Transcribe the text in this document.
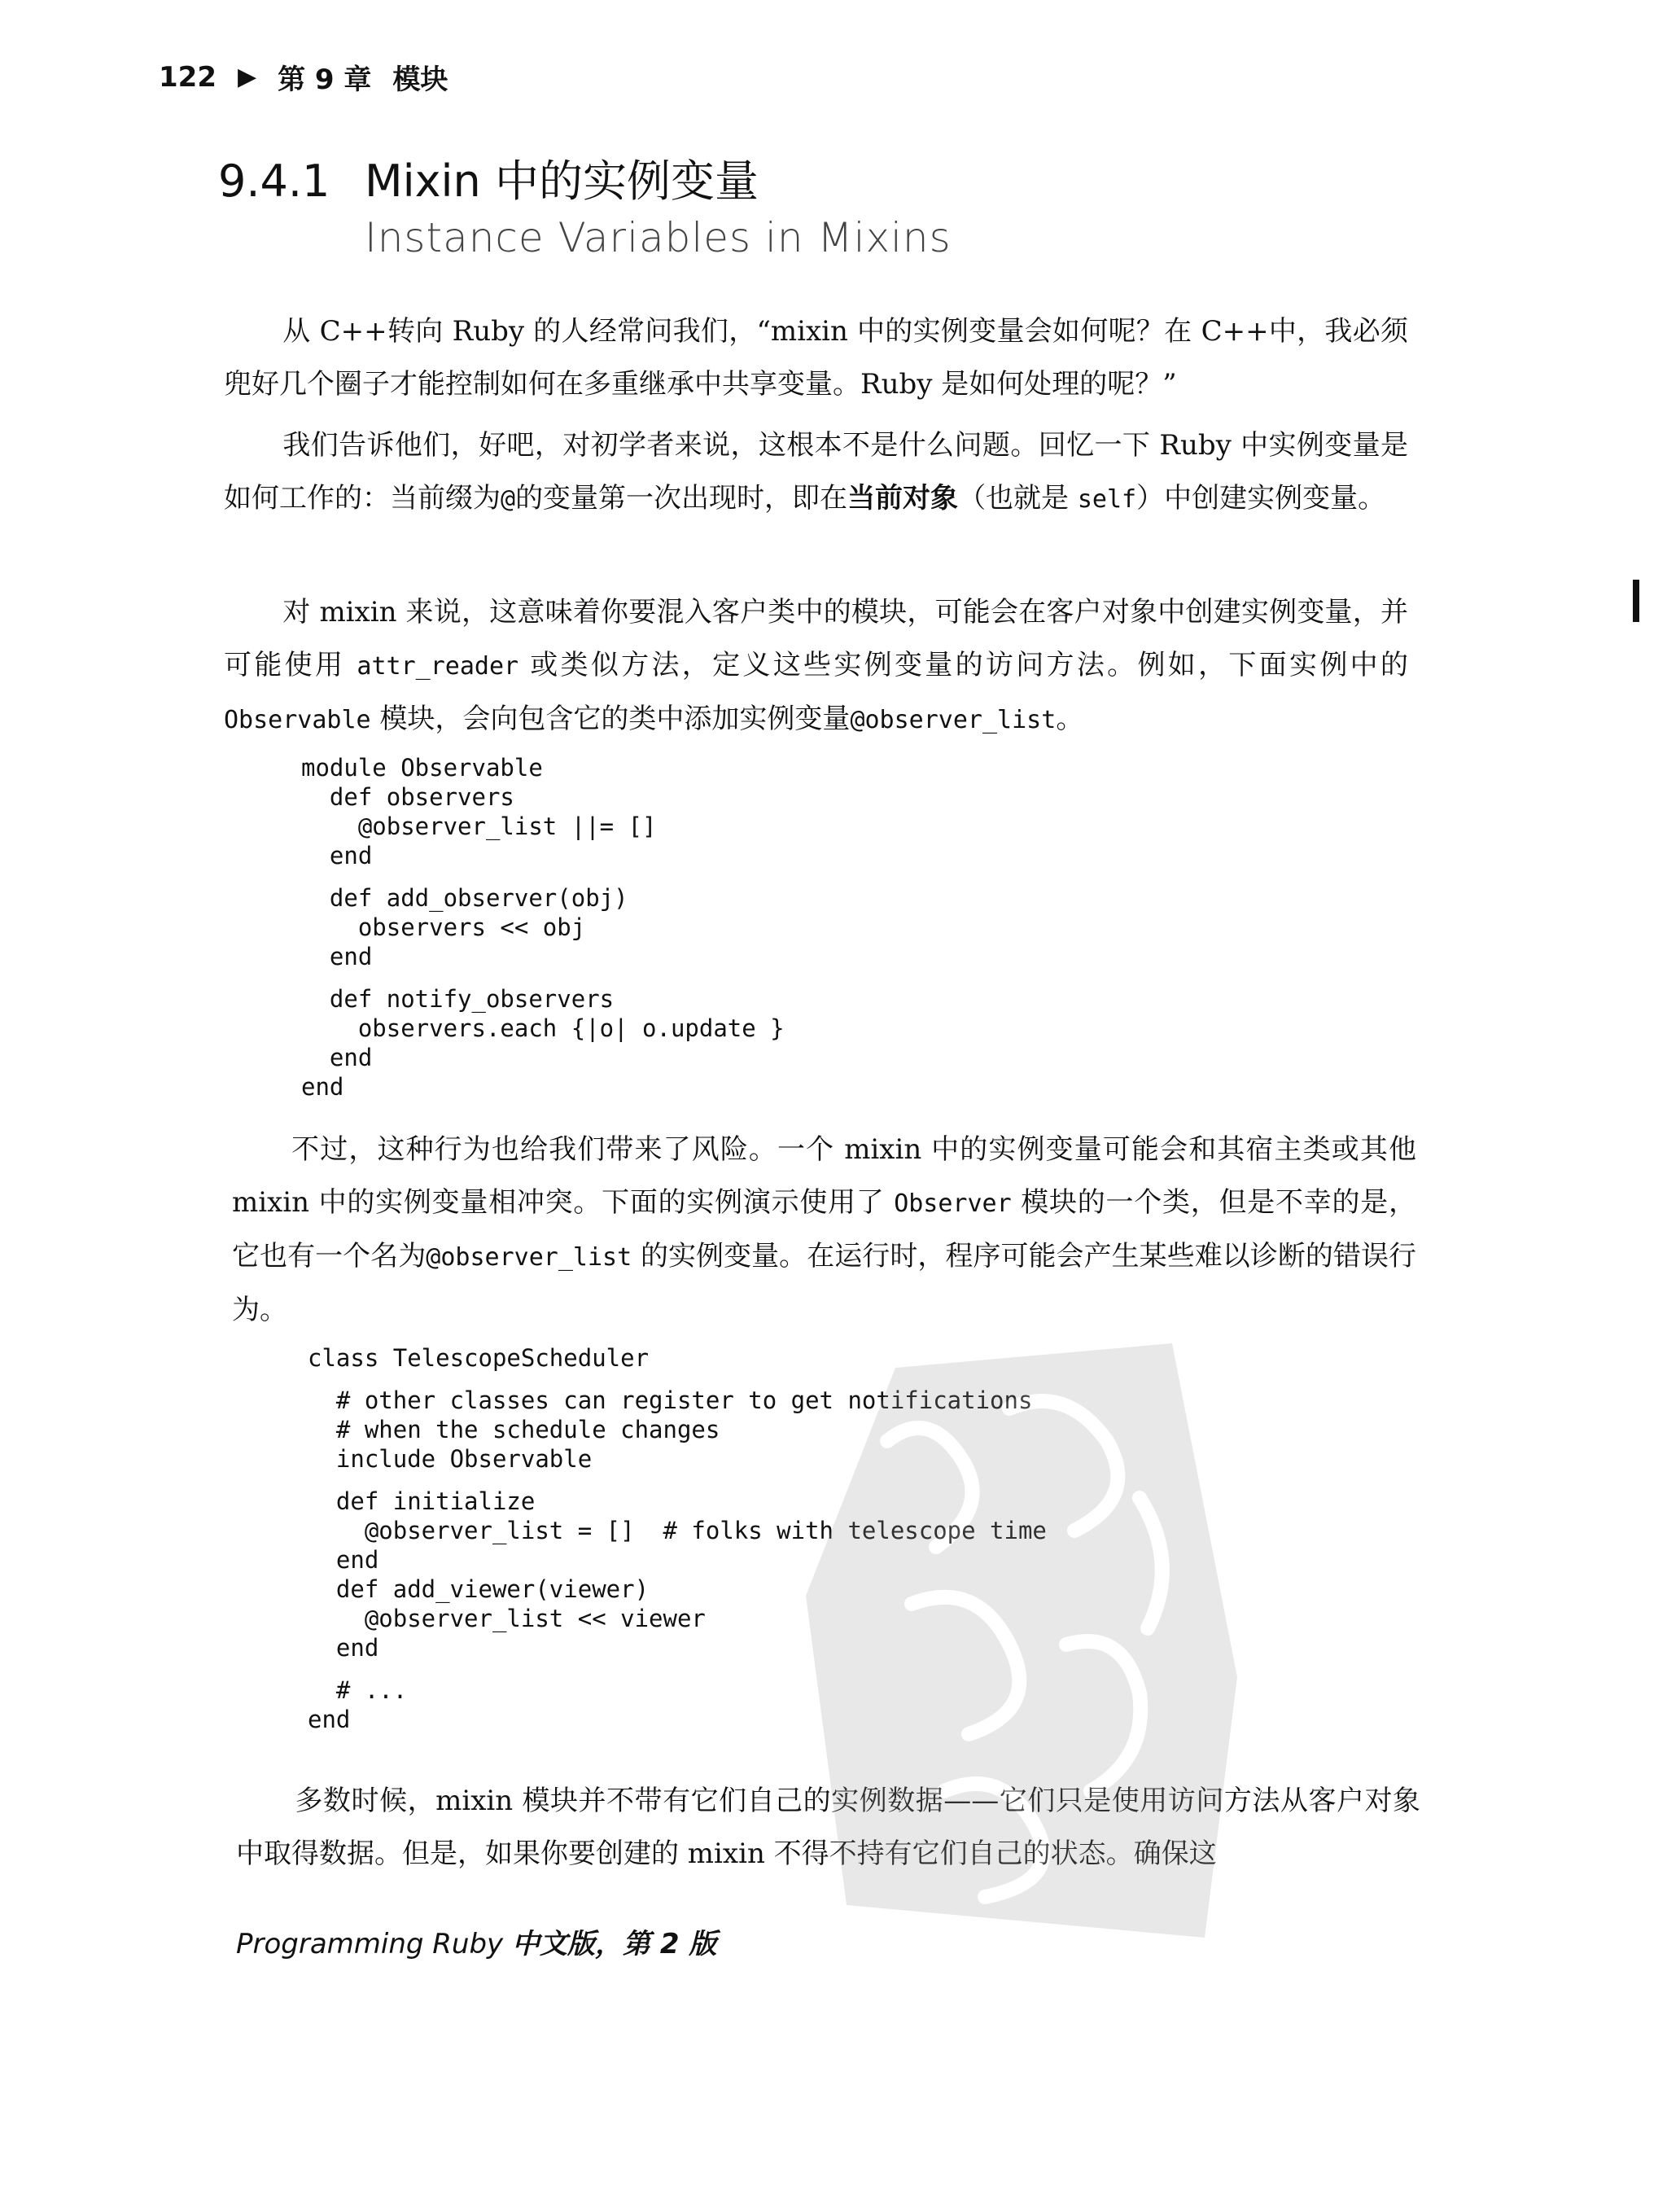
122 ▶ 第 9 章 模块
9.4.1 Mixin 中的实例变量
Instance Variables in Mixins

从 C++转向 Ruby 的人经常问我们，“mixin 中的实例变量会如何呢？在 C++中，我必须兜好几个圈子才能控制如何在多重继承中共享变量。Ruby 是如何处理的呢？”

我们告诉他们，好吧，对初学者来说，这根本不是什么问题。回忆一下 Ruby 中实例变量是如何工作的：当前缀为@的变量第一次出现时，即在当前对象（也就是 self）中创建实例变量。

对 mixin 来说，这意味着你要混入客户类中的模块，可能会在客户对象中创建实例变量，并可能使用 attr_reader 或类似方法，定义这些实例变量的访问方法。例如，下面实例中的 Observable 模块，会向包含它的类中添加实例变量@observer_list。

module Observable
def observers
@observer_list ||= []
end

def add_observer(obj)
observers << obj
end

def notify_observers
observers.each {|o| o.update }
end
end

不过，这种行为也给我们带来了风险。一个 mixin 中的实例变量可能会和其宿主类或其他 mixin 中的实例变量相冲突。下面的实例演示使用了 Observer 模块的一个类，但是不幸的是，它也有一个名为@observer_list 的实例变量。在运行时，程序可能会产生某些难以诊断的错误行为。

class TelescopeScheduler

# other classes can register to get notifications
# when the schedule changes
include Observable

def initialize
@observer_list = []  # folks with telescope time
end
def add_viewer(viewer)
@observer_list << viewer
end

# ...
end

多数时候，mixin 模块并不带有它们自己的实例数据——它们只是使用访问方法从客户对象中取得数据。但是，如果你要创建的 mixin 不得不持有它们自己的状态。确保这

Programming Ruby 中文版，第 2 版
